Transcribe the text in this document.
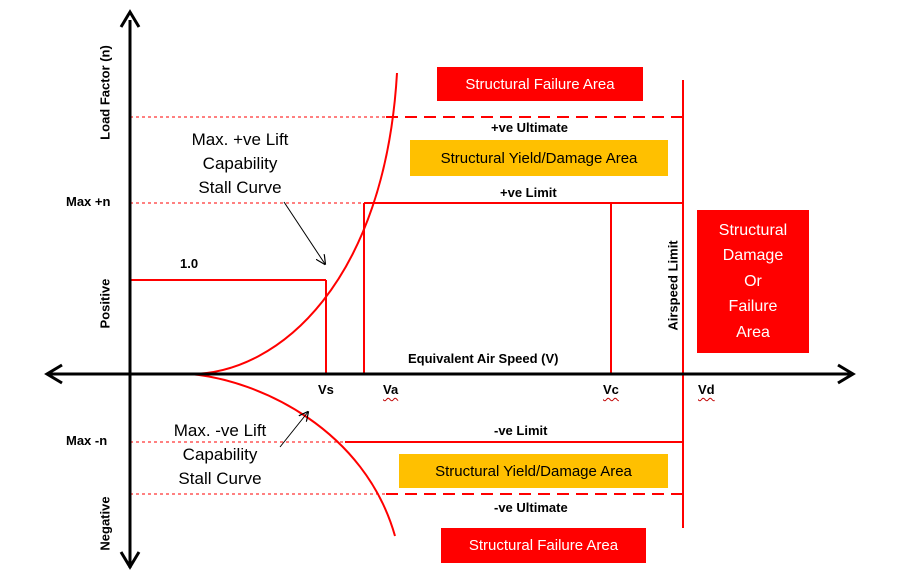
Load Factor (n)
Positive
Negative
Max +n
Max -n
1.0
Equivalent Air Speed (V)
Vs	Va	Vc	Vd
+ve Ultimate
+ve Limit
-ve Limit
-ve Ultimate
Airspeed Limit
Structural Failure Area
Structural Yield/Damage Area
Structural Yield/Damage Area
Structural Failure Area
Structural
Damage
Or
Failure
Area
Max. +ve Lift
Capability
Stall Curve
Max. -ve Lift
Capability
Stall Curve
